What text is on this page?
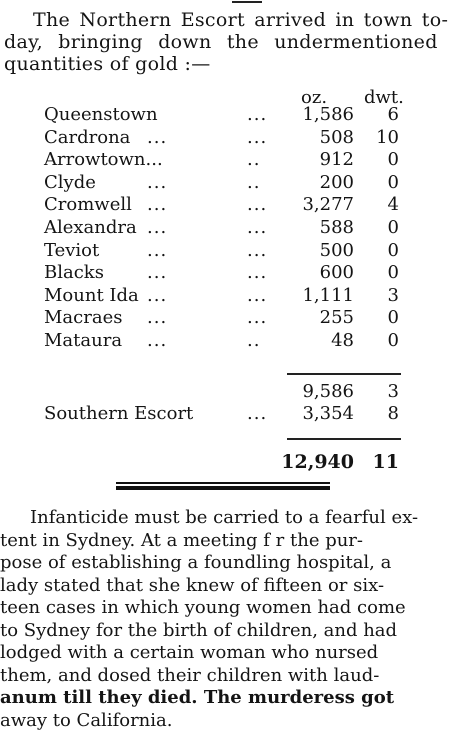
The Northern Escort arrived in town to-
day, bringing down the undermentioned
quantities of gold :—
oz. dwt.
Queenstown	... 1,586	6
Cardrona ...	...	508	10
Arrowtown...	..	912	0
Clyde	...	..	200	0
Cromwell ...	... 3,277	4
Alexandra ...	...	588	0
Teviot	...	...	500	0
Blacks ...	...	600	0
Mount Ida ...	... 1,111	3
Macraes ...	...	255	0
Mataura ...	..	48	0
9,586	3
Southern Escort	... 3,354	8
12,940 11
Infanticide must be carried to a fearful ex-
tent in Sydney. At a meeting f r the pur-
pose of establishing a foundling hospital, a
lady stated that she knew of fifteen or six-
teen cases in which young women had come
to Sydney for the birth of children, and had
lodged with a certain woman who nursed
them, and dosed their children with laud-
anum till they died. The murderess got
away to California.
